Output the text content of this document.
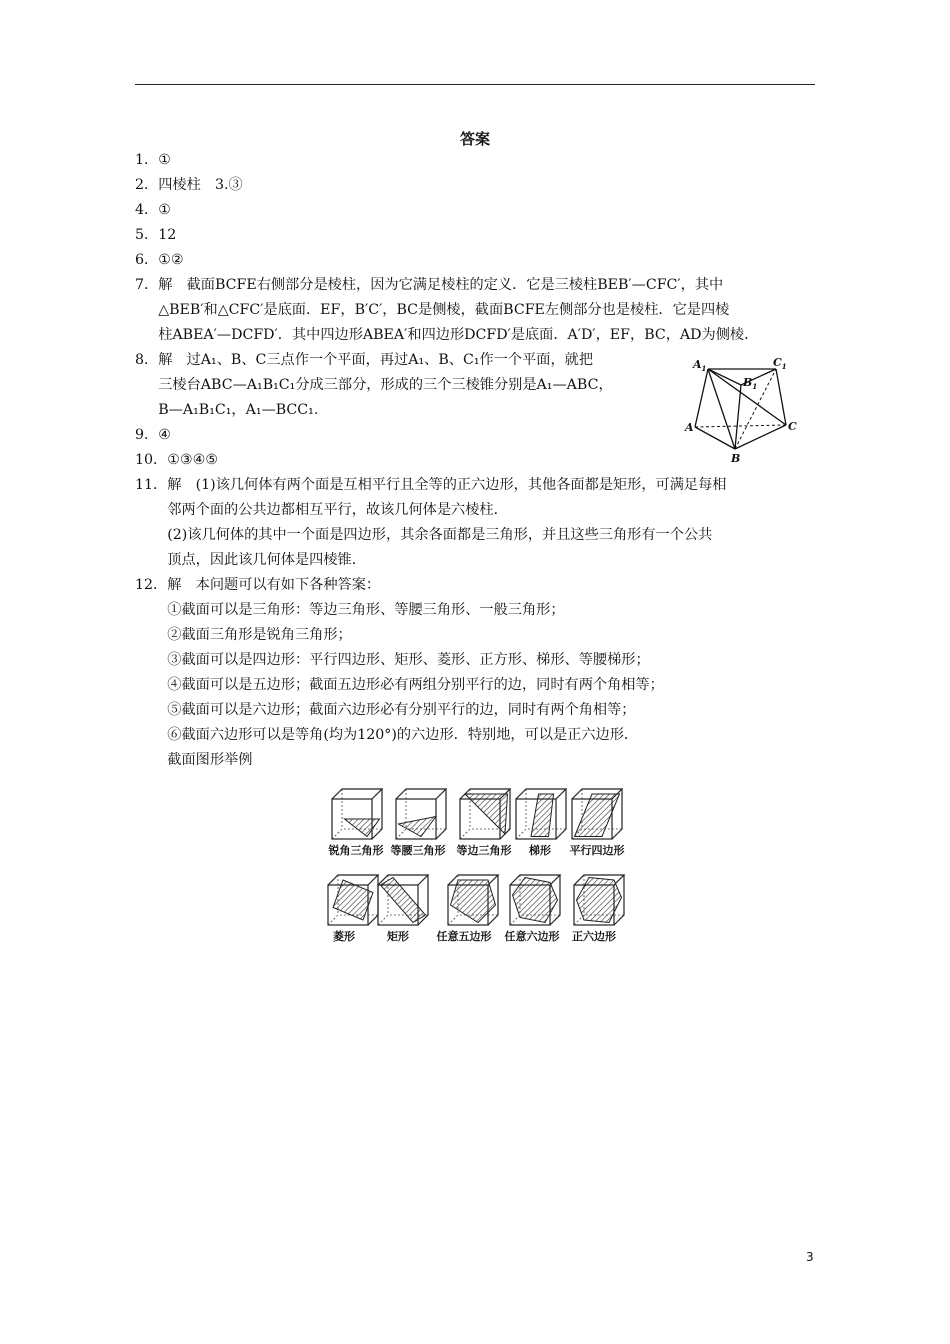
答案
1． ①
2． 四棱柱　3.③
4． ①
5． 12
6． ①②
7． 解　截面BCFE右侧部分是棱柱，因为它满足棱柱的定义．它是三棱柱BEB′—CFC′，其中
△BEB′和△CFC′是底面．EF，B′C′，BC是侧棱，截面BCFE左侧部分也是棱柱．它是四棱
柱ABEA′—DCFD′．其中四边形ABEA′和四边形DCFD′是底面．A′D′，EF，BC，AD为侧棱．
8． 解　过A₁、B、C三点作一个平面，再过A₁、B、C₁作一个平面，就把
三棱台ABC—A₁B₁C₁分成三部分，形成的三个三棱锥分别是A₁—ABC，
B—A₁B₁C₁，A₁—BCC₁.
9． ④
10． ①③④⑤
11． 解　(1)该几何体有两个面是互相平行且全等的正六边形，其他各面都是矩形，可满足每相
邻两个面的公共边都相互平行，故该几何体是六棱柱．
(2)该几何体的其中一个面是四边形，其余各面都是三角形，并且这些三角形有一个公共
顶点，因此该几何体是四棱锥．
12． 解　本问题可以有如下各种答案：
①截面可以是三角形：等边三角形、等腰三角形、一般三角形；
②截面三角形是锐角三角形；
③截面可以是四边形：平行四边形、矩形、菱形、正方形、梯形、等腰梯形；
④截面可以是五边形；截面五边形必有两组分别平行的边，同时有两个角相等；
⑤截面可以是六边形；截面六边形必有分别平行的边，同时有两个角相等；
⑥截面六边形可以是等角(均为120°)的六边形．特别地，可以是正六边形．
截面图形举例
$A_1$	$C_1$
$B_1$
A	C
B
锐角三角形 等腰三角形	等边三角形	梯形	平行四边形
菱形	矩形	任意五边形	任意六边形	正六边形
3
